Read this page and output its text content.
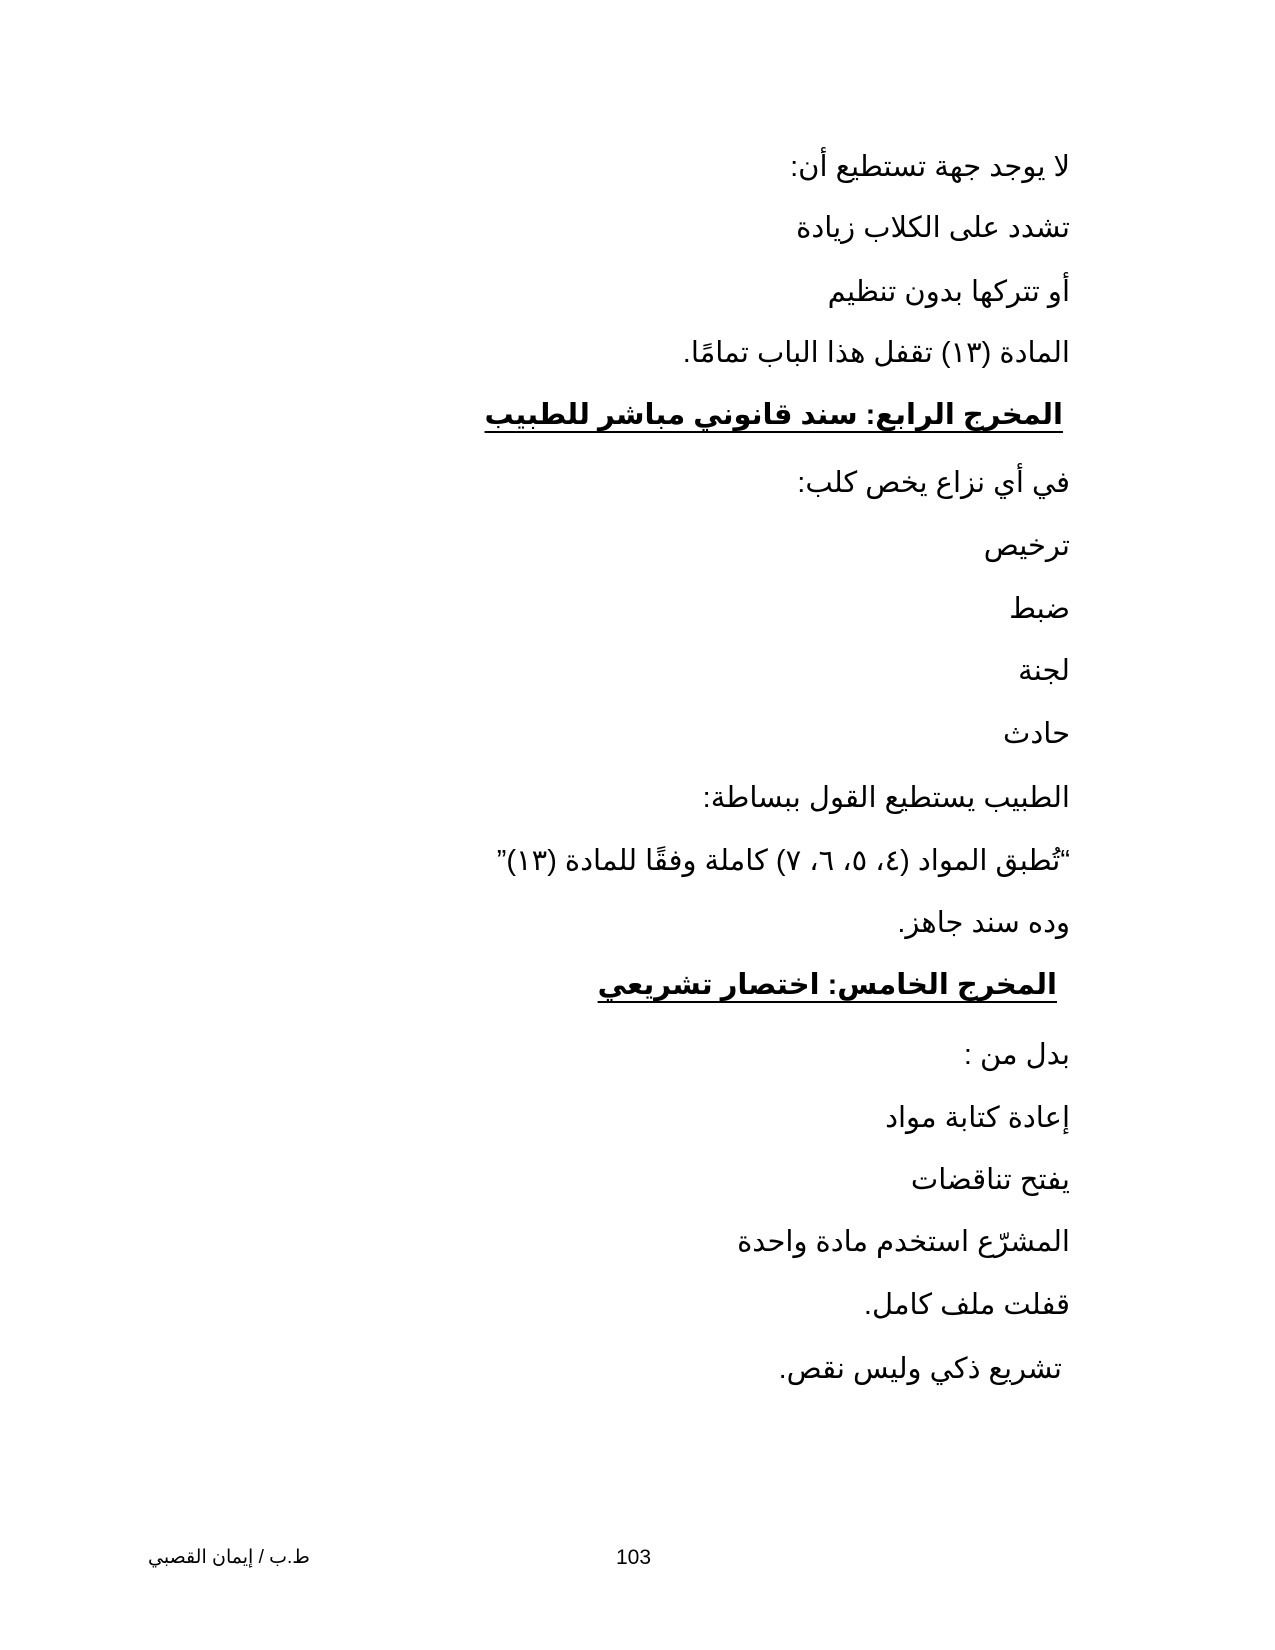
لا يوجد جهة تستطيع أن:
تشدد على الكلاب زيادة
أو تتركها بدون تنظيم
المادة (١٣) تقفل هذا الباب تمامًا.
المخرج الرابع: سند قانوني مباشر للطبيب
في أي نزاع يخص كلب:
ترخيص
ضبط
لجنة
حادث
الطبيب يستطيع القول ببساطة:
“تُطبق المواد (٤، ٥، ٦، ٧) كاملة وفقًا للمادة (١٣)”
وده سند جاهز.
المخرج الخامس: اختصار تشريعي
بدل من :
إعادة كتابة مواد
يفتح تناقضات
المشرّع استخدم مادة واحدة
قفلت ملف كامل.
تشريع ذكي وليس نقص.
ط.ب / إيمان القصبي	103
